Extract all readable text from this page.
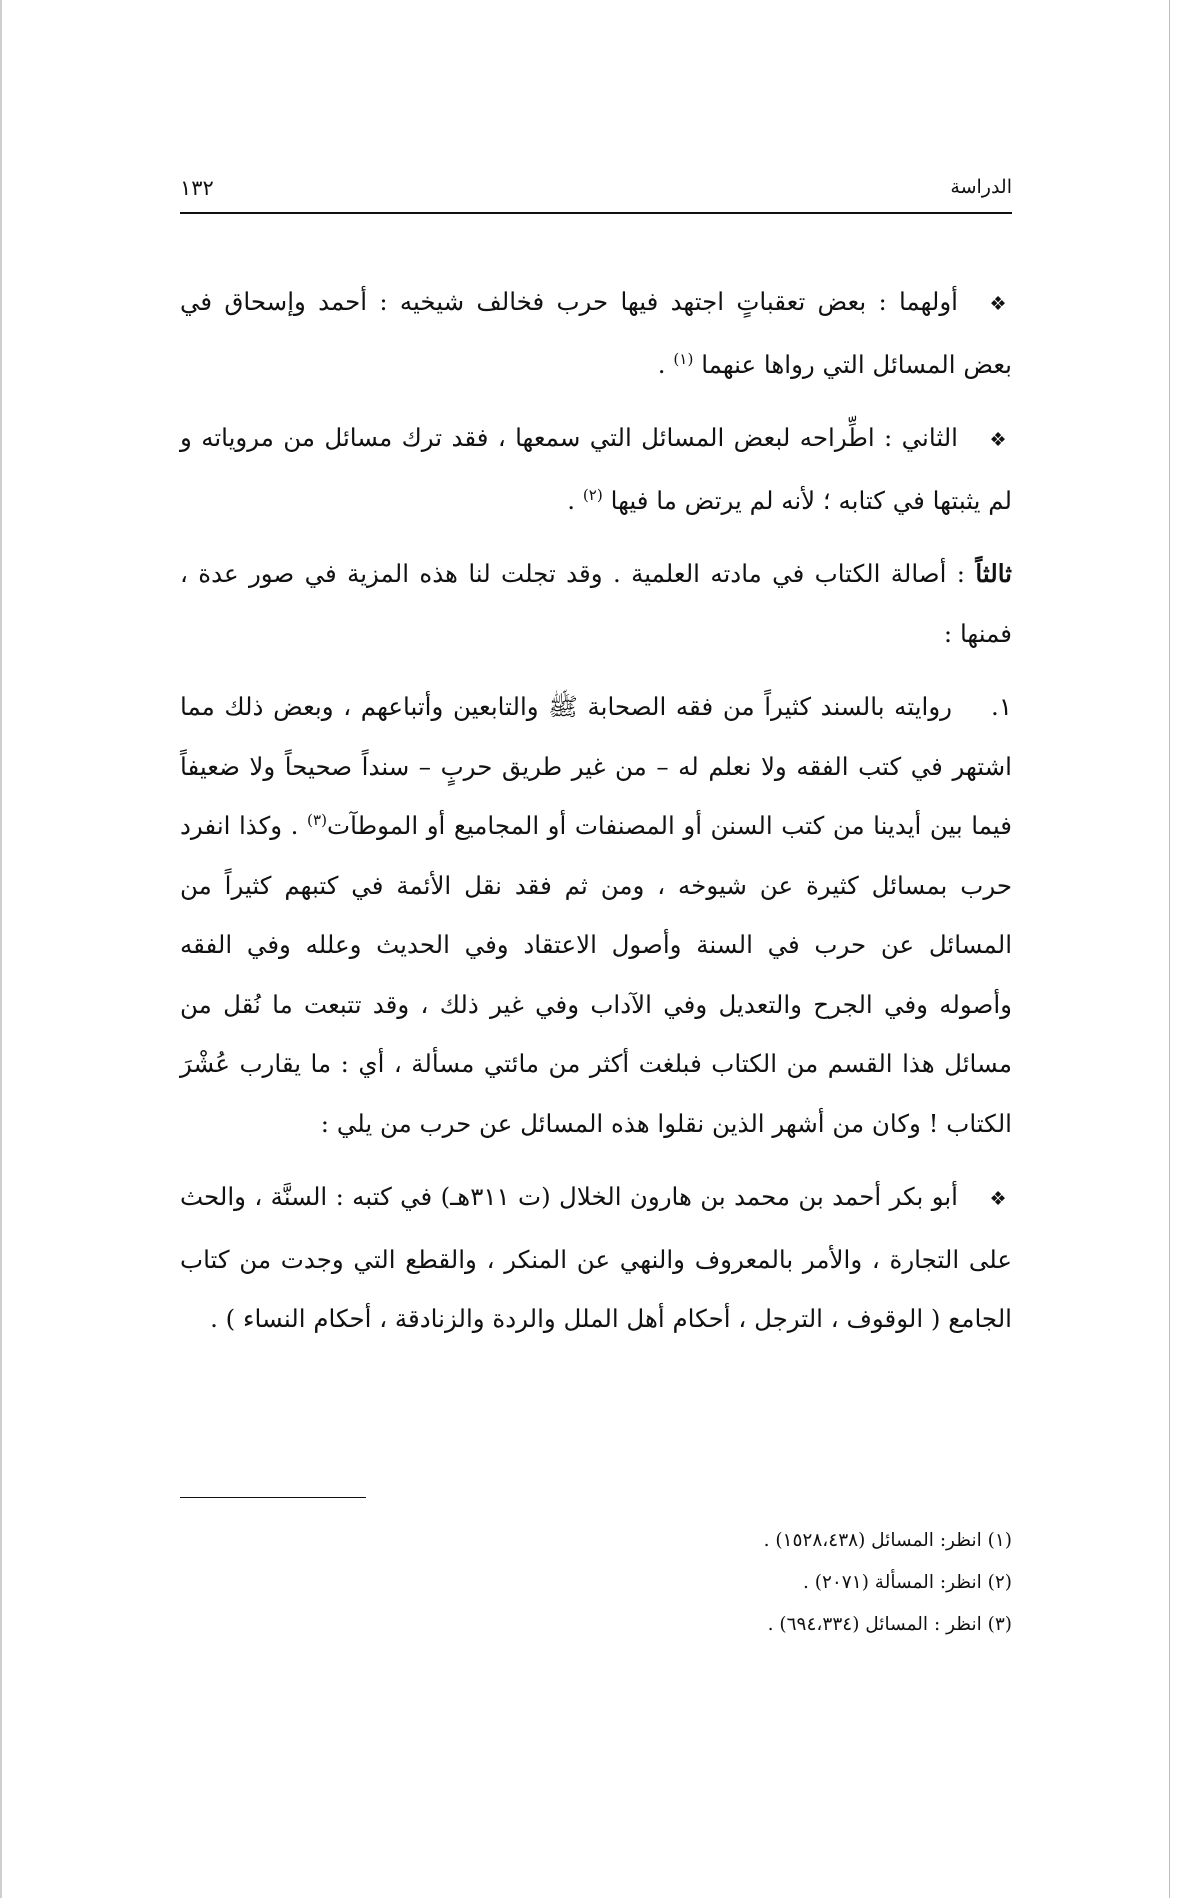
الدراسة
١٣٢

❖أولهما : بعض تعقباتٍ اجتهد فيها حرب فخالف شيخيه : أحمد وإسحاق في بعض المسائل التي رواها عنهما $^{(١)}$ .

❖الثاني : اطِّراحه لبعض المسائل التي سمعها ، فقد ترك مسائل من مروياته و لم يثبتها في كتابه ؛ لأنه لم يرتض ما فيها $^{(٢)}$ .

ثالثاً : أصالة الكتاب في مادته العلمية . وقد تجلت لنا هذه المزية في صور عدة ، فمنها :

١.روايته بالسند كثيراً من فقه الصحابة ﷺ والتابعين وأتباعهم ، وبعض ذلك مما اشتهر في كتب الفقه ولا نعلم له – من غير طريق حربٍ – سنداً صحيحاً ولا ضعيفاً فيما بين أيدينا من كتب السنن أو المصنفات أو المجاميع أو الموطآت$^{(٣)}$ . وكذا انفرد حرب بمسائل كثيرة عن شيوخه ، ومن ثم فقد نقل الأئمة في كتبهم كثيراً من المسائل عن حرب في السنة وأصول الاعتقاد وفي الحديث وعلله وفي الفقه وأصوله وفي الجرح والتعديل وفي الآداب وفي غير ذلك ، وقد تتبعت ما نُقل من مسائل هذا القسم من الكتاب فبلغت أكثر من مائتي مسألة ، أي : ما يقارب عُشْرَ الكتاب ! وكان من أشهر الذين نقلوا هذه المسائل عن حرب من يلي :

❖أبو بكر أحمد بن محمد بن هارون الخلال (ت ٣١١هـ) في كتبه : السنَّة ، والحث على التجارة ، والأمر بالمعروف والنهي عن المنكر ، والقطع التي وجدت من كتاب الجامع ( الوقوف ، الترجل ، أحكام أهل الملل والردة والزنادقة ، أحكام النساء ) .

(١) انظر: المسائل (١٥٢٨،٤٣٨) .
(٢) انظر: المسألة (٢٠٧١) .
(٣) انظر : المسائل (٦٩٤،٣٣٤) .
